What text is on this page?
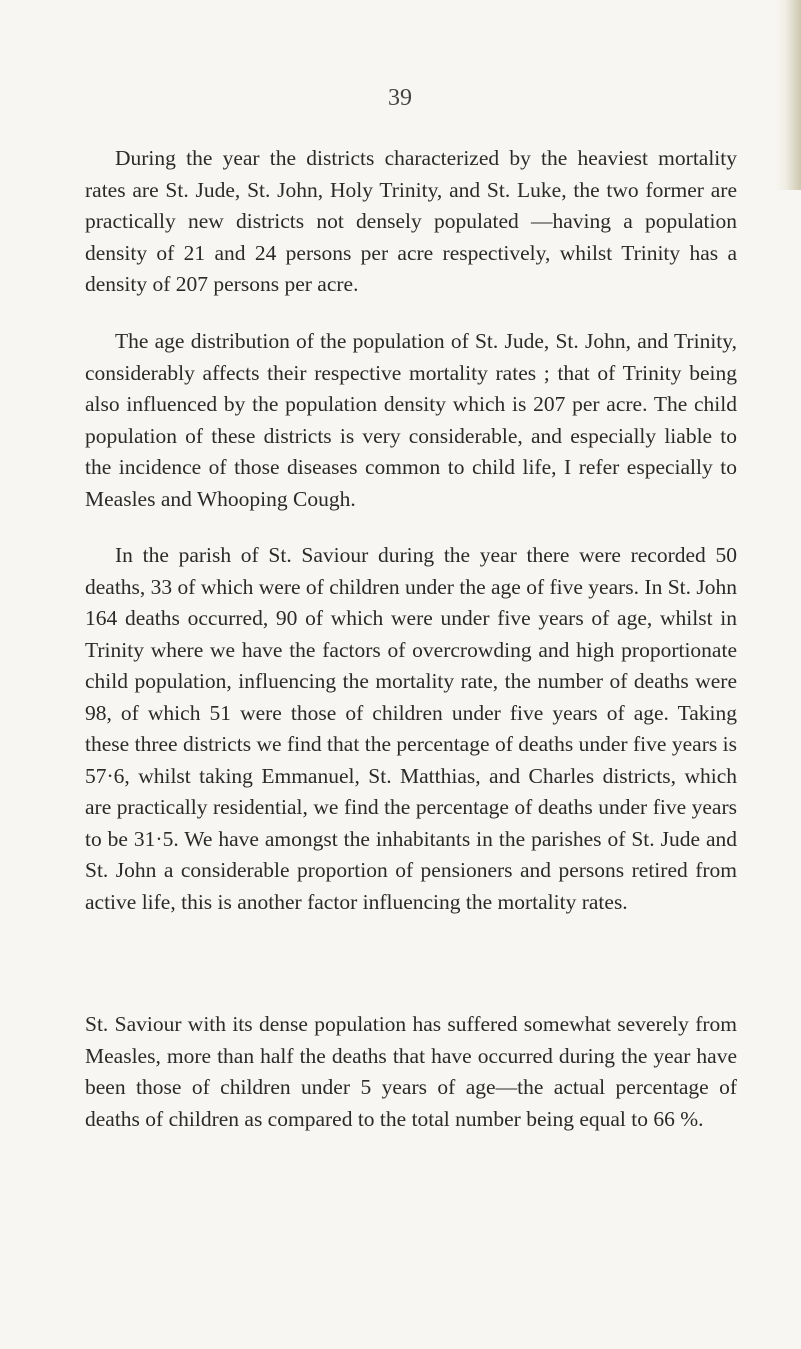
39

During the year the districts characterized by the heaviest mortality rates are St. Jude, St. John, Holy Trinity, and St. Luke, the two former are practically new districts not densely populated —having a population density of 21 and 24 persons per acre respectively, whilst Trinity has a density of 207 persons per acre.

The age distribution of the population of St. Jude, St. John, and Trinity, considerably affects their respective mortality rates ; that of Trinity being also influenced by the population density which is 207 per acre. The child population of these districts is very considerable, and especially liable to the incidence of those diseases common to child life, I refer especially to Measles and Whooping Cough.

In the parish of St. Saviour during the year there were recorded 50 deaths, 33 of which were of children under the age of five years. In St. John 164 deaths occurred, 90 of which were under five years of age, whilst in Trinity where we have the factors of overcrowding and high proportionate child population, influencing the mortality rate, the number of deaths were 98, of which 51 were those of children under five years of age. Taking these three districts we find that the percentage of deaths under five years is 57·6, whilst taking Emmanuel, St. Matthias, and Charles districts, which are practically residential, we find the percentage of deaths under five years to be 31·5. We have amongst the inhabitants in the parishes of St. Jude and St. John a considerable proportion of pensioners and persons retired from active life, this is another factor influencing the mortality rates.

St. Saviour with its dense population has suffered somewhat severely from Measles, more than half the deaths that have occurred during the year have been those of children under 5 years of age—the actual percentage of deaths of children as compared to the total number being equal to 66 %.
